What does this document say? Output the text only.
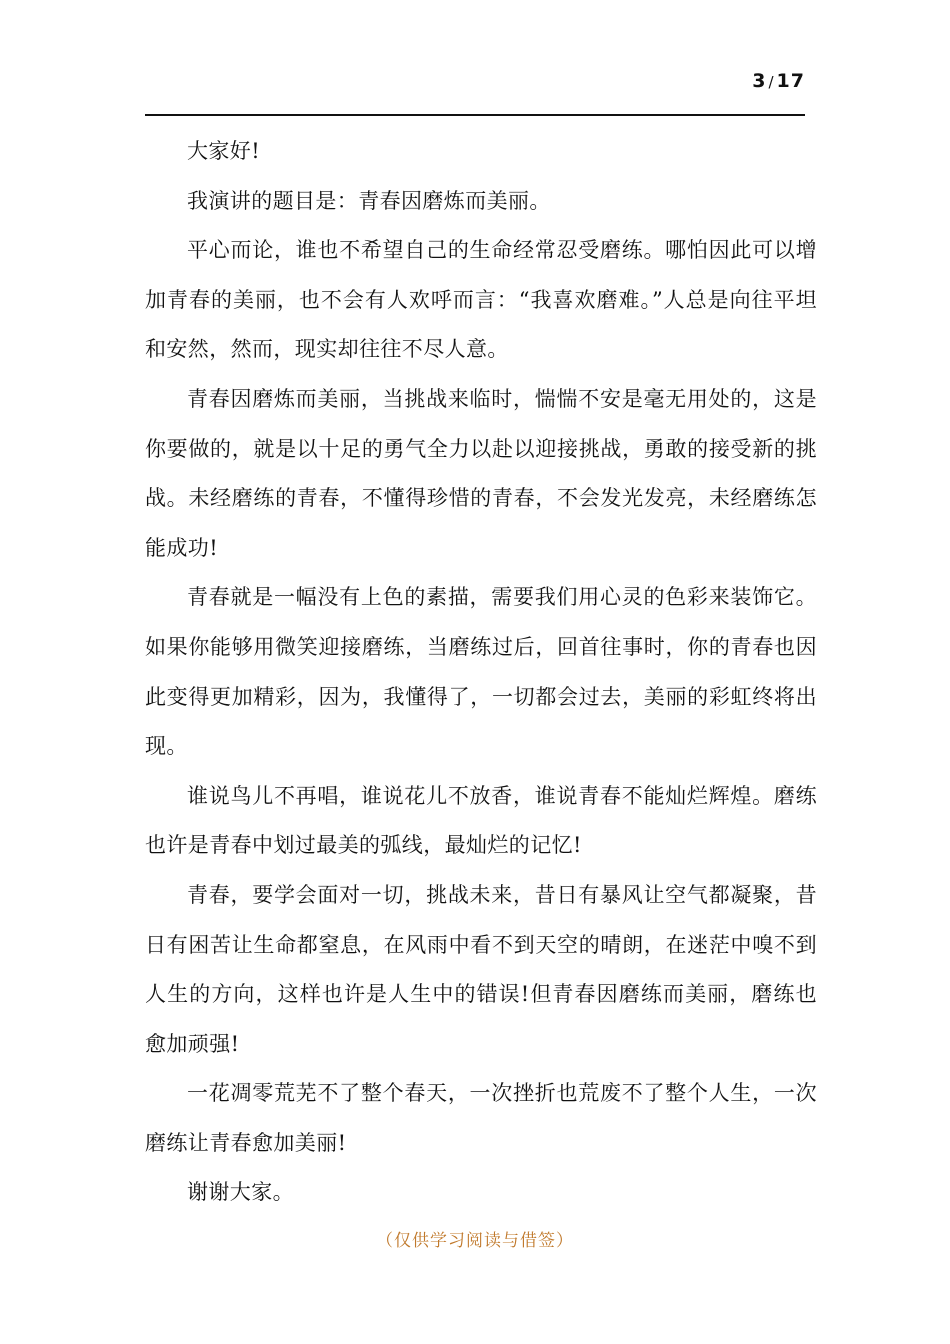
3 / 17

大家好!

我演讲的题目是：青春因磨炼而美丽。

平心而论，谁也不希望自己的生命经常忍受磨练。哪怕因此可以增加青春的美丽，也不会有人欢呼而言：“我喜欢磨难。”人总是向往平坦和安然，然而，现实却往往不尽人意。

青春因磨炼而美丽，当挑战来临时，惴惴不安是毫无用处的，这是你要做的，就是以十足的勇气全力以赴以迎接挑战，勇敢的接受新的挑战。未经磨练的青春，不懂得珍惜的青春，不会发光发亮，未经磨练怎能成功!

青春就是一幅没有上色的素描，需要我们用心灵的色彩来装饰它。如果你能够用微笑迎接磨练，当磨练过后，回首往事时，你的青春也因此变得更加精彩，因为，我懂得了，一切都会过去，美丽的彩虹终将出现。

谁说鸟儿不再唱，谁说花儿不放香，谁说青春不能灿烂辉煌。磨练也许是青春中划过最美的弧线，最灿烂的记忆!

青春，要学会面对一切，挑战未来，昔日有暴风让空气都凝聚，昔日有困苦让生命都窒息，在风雨中看不到天空的晴朗，在迷茫中嗅不到人生的方向，这样也许是人生中的错误!但青春因磨练而美丽，磨练也愈加顽强!

一花凋零荒芜不了整个春天，一次挫折也荒废不了整个人生，一次磨练让青春愈加美丽!

谢谢大家。

（仅供学习阅读与借签）
